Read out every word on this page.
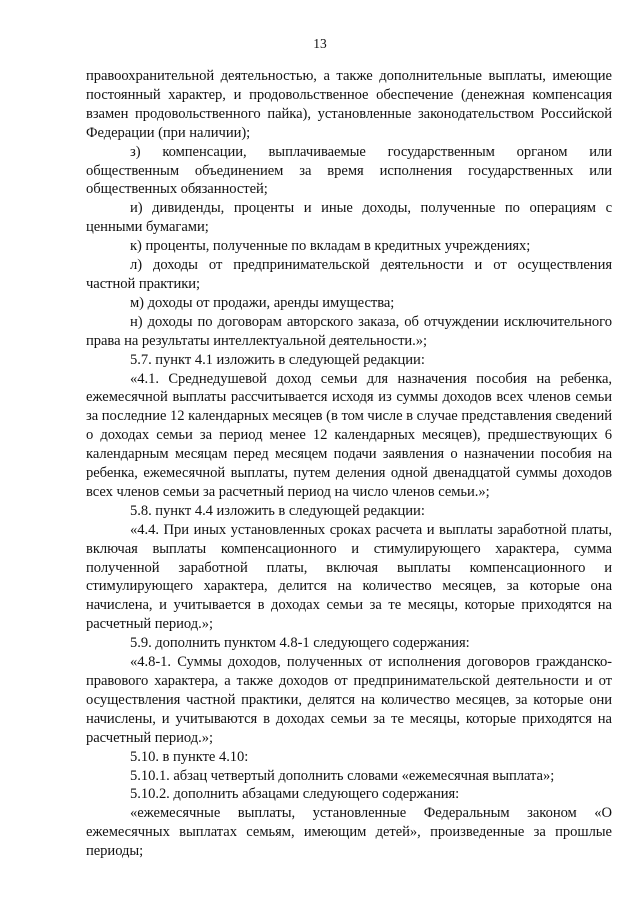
13

правоохранительной деятельностью, а также дополнительные выплаты, имеющие постоянный характер, и продовольственное обеспечение (денежная компенсация взамен продовольственного пайка), установленные законодательством Российской Федерации (при наличии);

з) компенсации, выплачиваемые государственным органом или общественным объединением за время исполнения государственных или общественных обязанностей;

и) дивиденды, проценты и иные доходы, полученные по операциям с ценными бумагами;

к) проценты, полученные по вкладам в кредитных учреждениях;

л) доходы от предпринимательской деятельности и от осуществления частной практики;

м) доходы от продажи, аренды имущества;

н) доходы по договорам авторского заказа, об отчуждении исключительного права на результаты интеллектуальной деятельности.»;

5.7. пункт 4.1 изложить в следующей редакции:

«4.1. Среднедушевой доход семьи для назначения пособия на ребенка, ежемесячной выплаты рассчитывается исходя из суммы доходов всех членов семьи за последние 12 календарных месяцев (в том числе в случае представления сведений о доходах семьи за период менее 12 календарных месяцев), предшествующих 6 календарным месяцам перед месяцем подачи заявления о назначении пособия на ребенка, ежемесячной выплаты, путем деления одной двенадцатой суммы доходов всех членов семьи за расчетный период на число членов семьи.»;

5.8. пункт 4.4 изложить в следующей редакции:

«4.4. При иных установленных сроках расчета и выплаты заработной платы, включая выплаты компенсационного и стимулирующего характера, сумма полученной заработной платы, включая выплаты компенсационного и стимулирующего характера, делится на количество месяцев, за которые она начислена, и учитывается в доходах семьи за те месяцы, которые приходятся на расчетный период.»;

5.9. дополнить пунктом 4.8-1 следующего содержания:

«4.8-1. Суммы доходов, полученных от исполнения договоров гражданско-правового характера, а также доходов от предпринимательской деятельности и от осуществления частной практики, делятся на количество месяцев, за которые они начислены, и учитываются в доходах семьи за те месяцы, которые приходятся на расчетный период.»;

5.10. в пункте 4.10:

5.10.1. абзац четвертый дополнить словами «ежемесячная выплата»;

5.10.2. дополнить абзацами следующего содержания:

«ежемесячные выплаты, установленные Федеральным законом «О ежемесячных выплатах семьям, имеющим детей», произведенные за прошлые периоды;
